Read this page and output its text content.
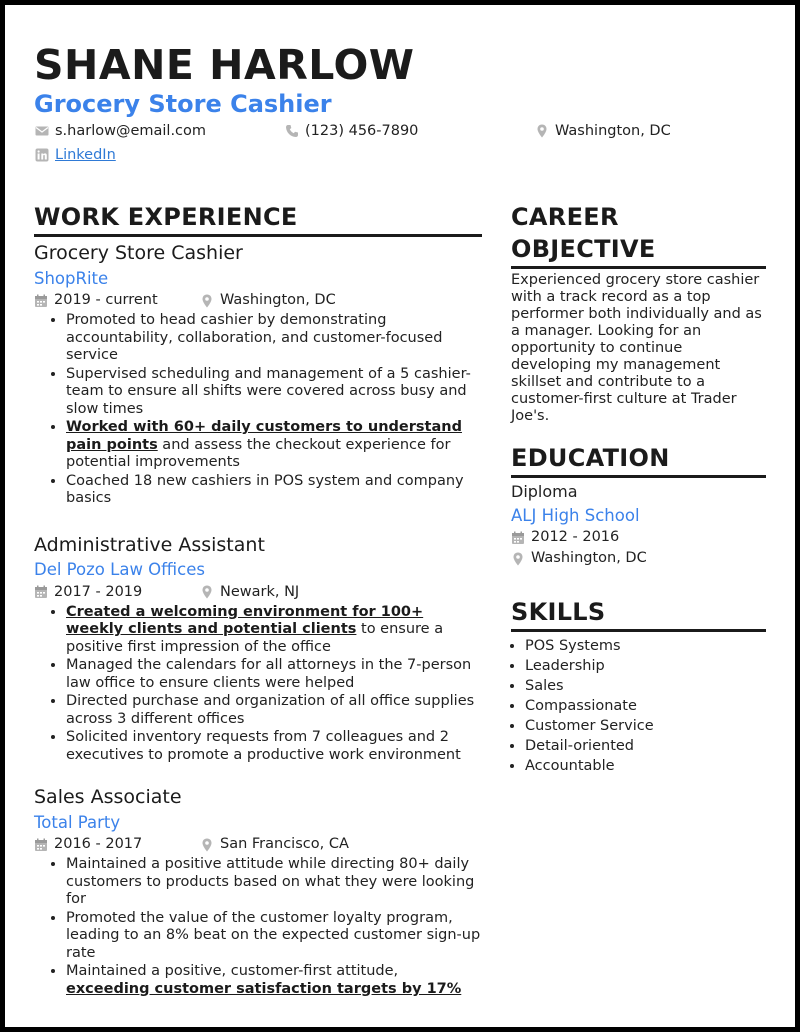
SHANE HARLOW
Grocery Store Cashier
s.harlow@email.com	(123) 456-7890	Washington, DC
LinkedIn
WORK EXPERIENCE
Grocery Store Cashier
ShopRite
2019 - current	Washington, DC
• Promoted to head cashier by demonstrating accountability, collaboration, and customer-focused service
• Supervised scheduling and management of a 5 cashier-team to ensure all shifts were covered across busy and slow times
• Worked with 60+ daily customers to understand pain points and assess the checkout experience for potential improvements
• Coached 18 new cashiers in POS system and company basics
Administrative Assistant
Del Pozo Law Offices
2017 - 2019	Newark, NJ
• Created a welcoming environment for 100+ weekly clients and potential clients to ensure a positive first impression of the office
• Managed the calendars for all attorneys in the 7-person law office to ensure clients were helped
• Directed purchase and organization of all office supplies across 3 different offices
• Solicited inventory requests from 7 colleagues and 2 executives to promote a productive work environment
Sales Associate
Total Party
2016 - 2017	San Francisco, CA
• Maintained a positive attitude while directing 80+ daily customers to products based on what they were looking for
• Promoted the value of the customer loyalty program, leading to an 8% beat on the expected customer sign-up rate
• Maintained a positive, customer-first attitude, exceeding customer satisfaction targets by 17%
CAREER OBJECTIVE
Experienced grocery store cashier with a track record as a top performer both individually and as a manager. Looking for an opportunity to continue developing my management skillset and contribute to a customer-first culture at Trader Joe's.
EDUCATION
Diploma
ALJ High School
2012 - 2016
Washington, DC
SKILLS
• POS Systems
• Leadership
• Sales
• Compassionate
• Customer Service
• Detail-oriented
• Accountable
